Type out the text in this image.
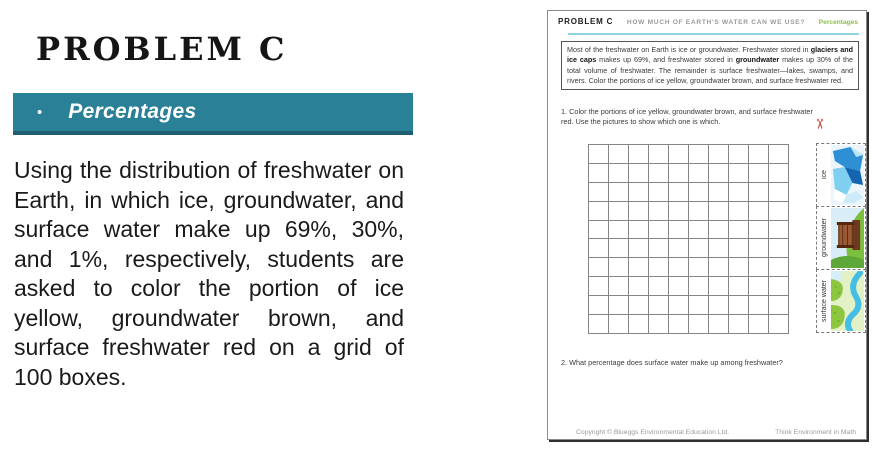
PROBLEM C
• Percentages

Using the distribution of freshwater on Earth, in which ice, groundwater, and surface water make up 69%, 30%, and 1%, respectively, students are asked to color the portion of ice yellow, groundwater brown, and surface freshwater red on a grid of 100 boxes.

PROBLEM C HOW MUCH OF EARTH'S WATER CAN WE USE? Percentages

Most of the freshwater on Earth is ice or groundwater. Freshwater stored in glaciers and ice caps makes up 69%, and freshwater stored in groundwater makes up 30% of the total volume of freshwater. The remainder is surface freshwater—lakes, swamps, and rivers. Color the portions of ice yellow, groundwater brown, and surface freshwater red.

1. Color the portions of ice yellow, groundwater brown, and surface freshwater red. Use the pictures to show which one is which.	✂
ice
groundwater
surface water

2. What percentage does surface water make up among freshwater?

Copyright © Blueggs Environmental Education Ltd.	Think Environment in Math
